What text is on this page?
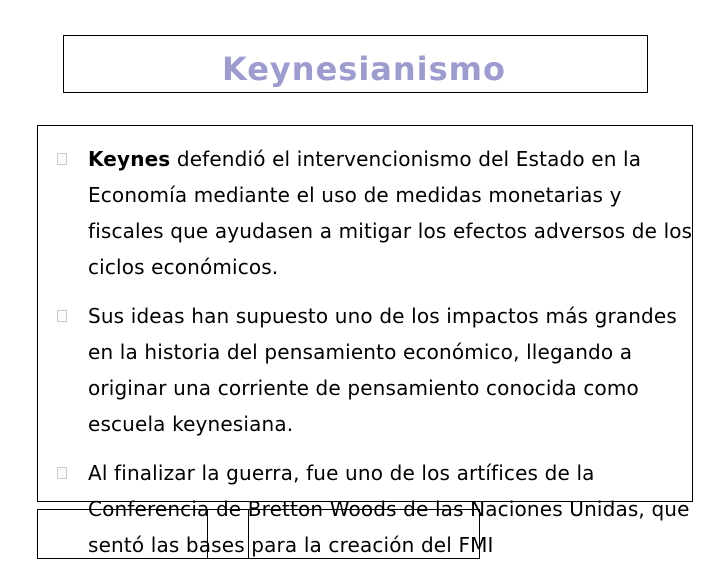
Keynesianismo

Keynes defendió el intervencionismo del Estado en la Economía mediante el uso de medidas monetarias y fiscales que ayudasen a mitigar los efectos adversos de los ciclos económicos.

Sus ideas han supuesto uno de los impactos más grandes en la historia del pensamiento económico, llegando a originar una corriente de pensamiento conocida como escuela keynesiana.

Al finalizar la guerra, fue uno de los artífices de la Conferencia de Bretton Woods de las Naciones Unidas, que sentó las bases para la creación del FMI
